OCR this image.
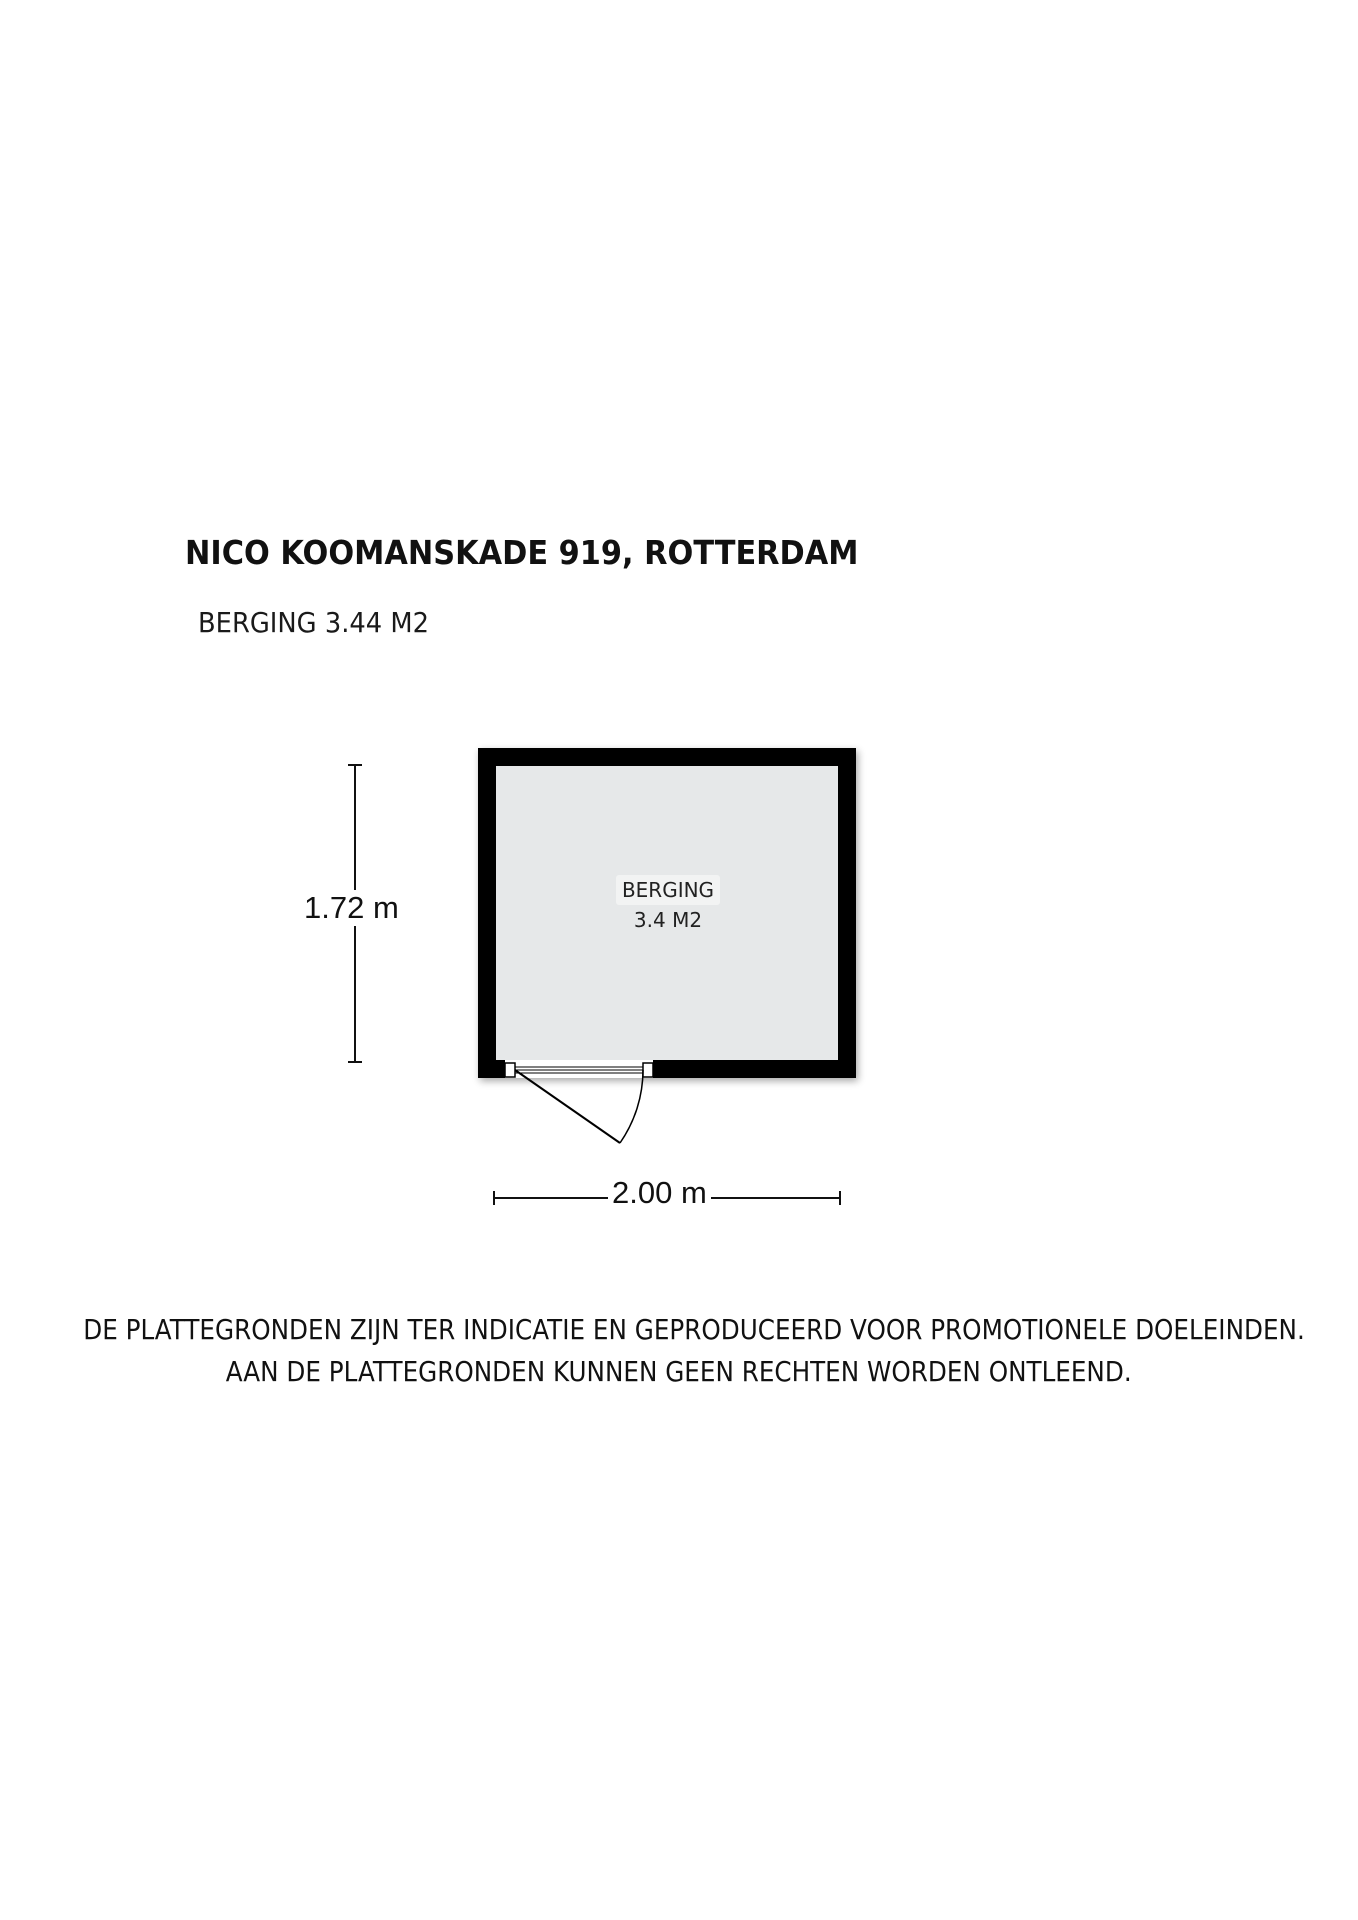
NICO KOOMANSKADE 919, ROTTERDAM
BERGING 3.44 M2
BERGING
3.4 M2
1.72 m
2.00 m
DE PLATTEGRONDEN ZIJN TER INDICATIE EN GEPRODUCEERD VOOR PROMOTIONELE DOELEINDEN.
AAN DE PLATTEGRONDEN KUNNEN GEEN RECHTEN WORDEN ONTLEEND.
